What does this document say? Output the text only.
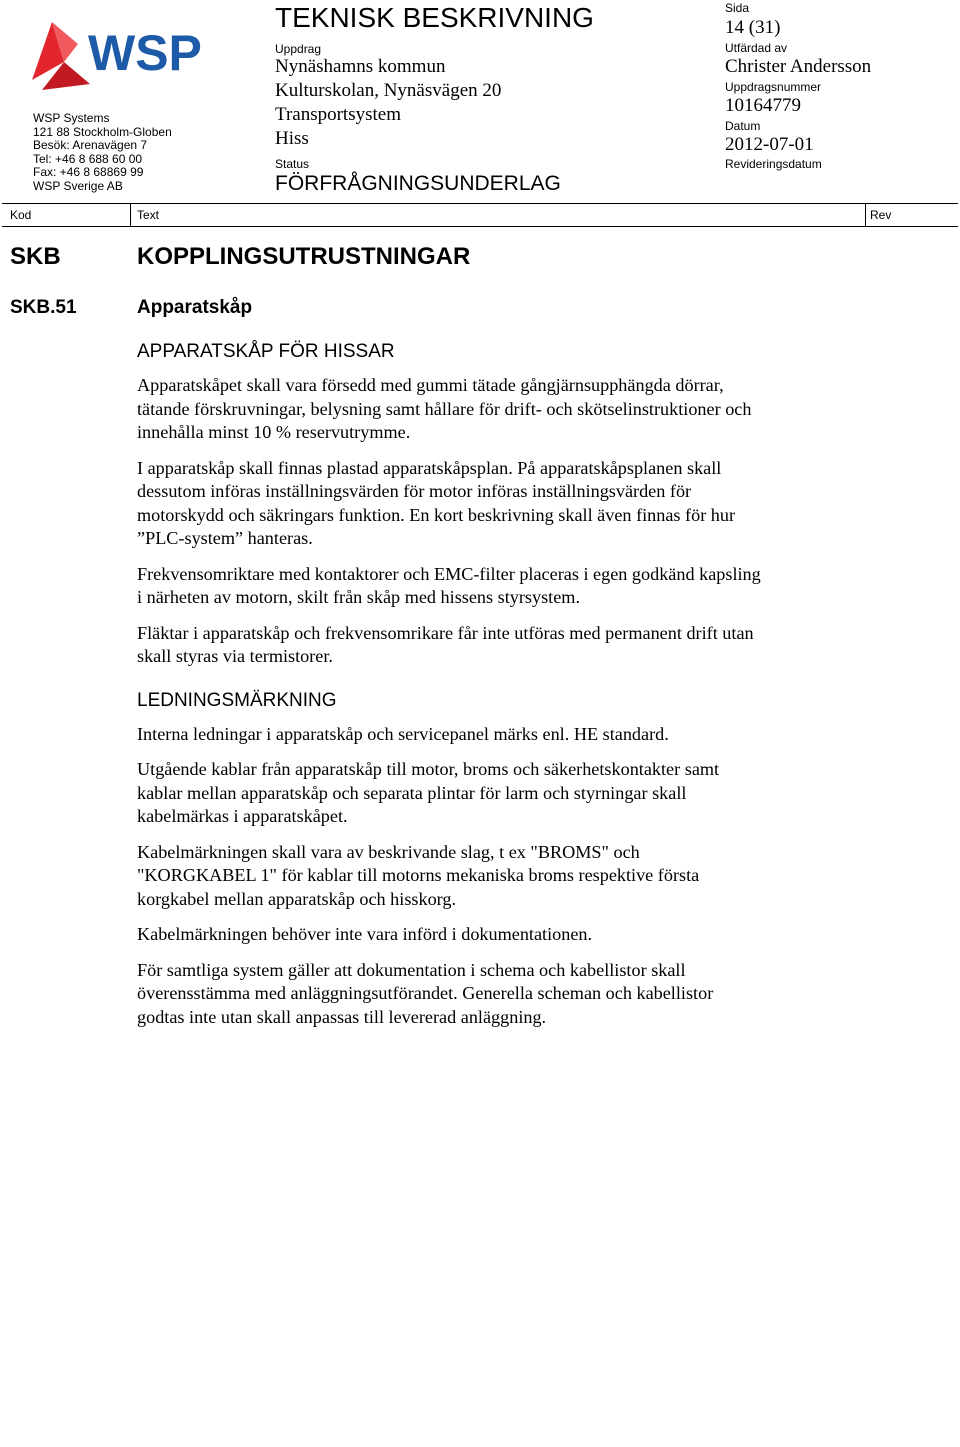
WSP
WSP Systems
121 88 Stockholm-Globen
Besök: Arenavägen 7
Tel: +46 8 688 60 00
Fax: +46 8 68869 99
WSP Sverige AB
TEKNISK BESKRIVNING
Uppdrag
Nynäshamns kommun
Kulturskolan, Nynäsvägen 20
Transportsystem
Hiss
Status
FÖRFRÅGNINGSUNDERLAG
Sida
14 (31)
Utfärdad av
Christer Andersson
Uppdragsnummer
10164779
Datum
2012-07-01
Revideringsdatum
Kod	Text	Rev
SKB	KOPPLINGSUTRUSTNINGAR
SKB.51	Apparatskåp
APPARATSKÅP FÖR HISSAR
Apparatskåpet skall vara försedd med gummi tätade gångjärnsupphängda dörrar,
tätande förskruvningar, belysning samt hållare för drift- och skötselinstruktioner och
innehålla minst 10 % reservutrymme.
I apparatskåp skall finnas plastad apparatskåpsplan. På apparatskåpsplanen skall
dessutom införas inställningsvärden för motor införas inställningsvärden för
motorskydd och säkringars funktion. En kort beskrivning skall även finnas för hur
”PLC-system” hanteras.
Frekvensomriktare med kontaktorer och EMC-filter placeras i egen godkänd kapsling
i närheten av motorn, skilt från skåp med hissens styrsystem.
Fläktar i apparatskåp och frekvensomrikare får inte utföras med permanent drift utan
skall styras via termistorer.
LEDNINGSMÄRKNING
Interna ledningar i apparatskåp och servicepanel märks enl. HE standard.
Utgående kablar från apparatskåp till motor, broms och säkerhetskontakter samt
kablar mellan apparatskåp och separata plintar för larm och styrningar skall
kabelmärkas i apparatskåpet.
Kabelmärkningen skall vara av beskrivande slag, t ex "BROMS" och
"KORGKABEL 1" för kablar till motorns mekaniska broms respektive första
korgkabel mellan apparatskåp och hisskorg.
Kabelmärkningen behöver inte vara införd i dokumentationen.
För samtliga system gäller att dokumentation i schema och kabellistor skall
överensstämma med anläggningsutförandet. Generella scheman och kabellistor
godtas inte utan skall anpassas till levererad anläggning.
